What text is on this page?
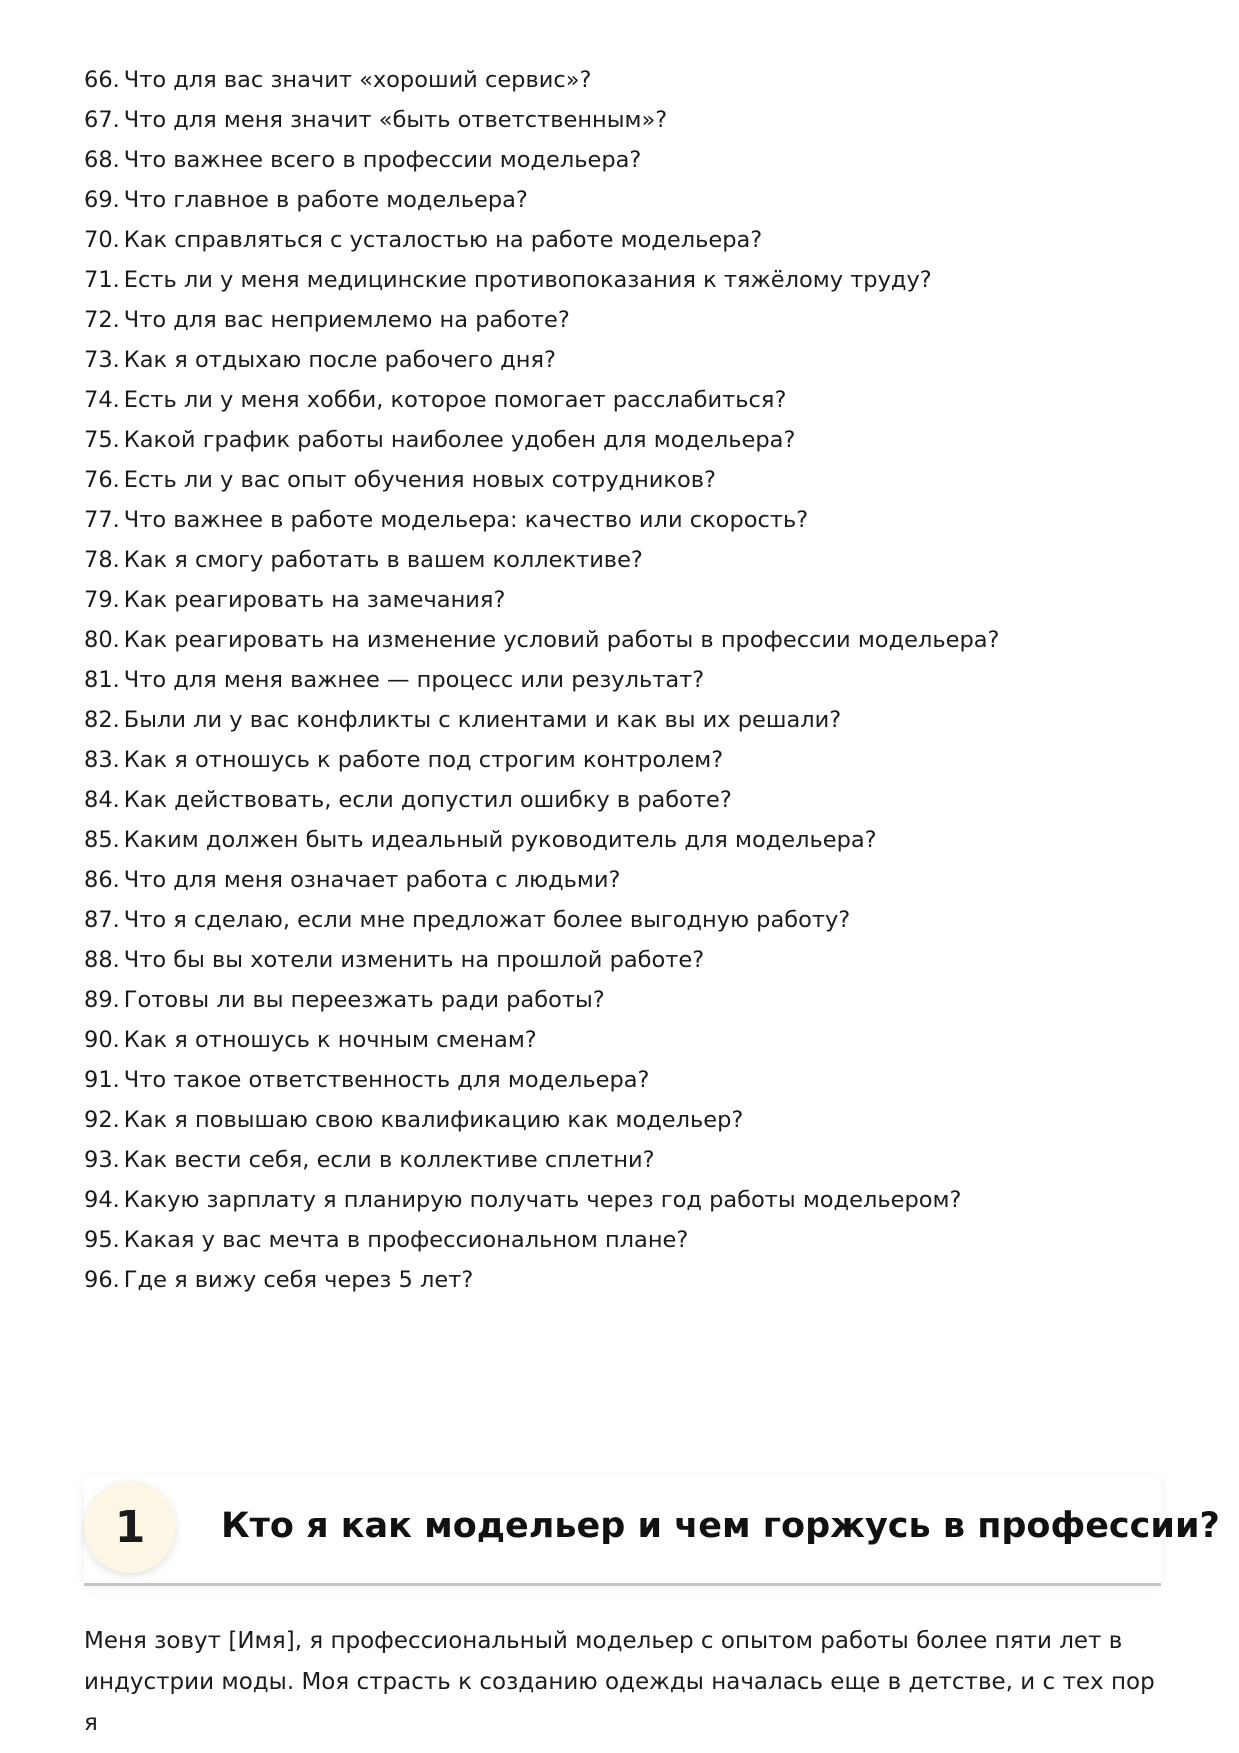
66. Что для вас значит «хороший сервис»?
67. Что для меня значит «быть ответственным»?
68. Что важнее всего в профессии модельера?
69. Что главное в работе модельера?
70. Как справляться с усталостью на работе модельера?
71. Есть ли у меня медицинские противопоказания к тяжёлому труду?
72. Что для вас неприемлемо на работе?
73. Как я отдыхаю после рабочего дня?
74. Есть ли у меня хобби, которое помогает расслабиться?
75. Какой график работы наиболее удобен для модельера?
76. Есть ли у вас опыт обучения новых сотрудников?
77. Что важнее в работе модельера: качество или скорость?
78. Как я смогу работать в вашем коллективе?
79. Как реагировать на замечания?
80. Как реагировать на изменение условий работы в профессии модельера?
81. Что для меня важнее — процесс или результат?
82. Были ли у вас конфликты с клиентами и как вы их решали?
83. Как я отношусь к работе под строгим контролем?
84. Как действовать, если допустил ошибку в работе?
85. Каким должен быть идеальный руководитель для модельера?
86. Что для меня означает работа с людьми?
87. Что я сделаю, если мне предложат более выгодную работу?
88. Что бы вы хотели изменить на прошлой работе?
89. Готовы ли вы переезжать ради работы?
90. Как я отношусь к ночным сменам?
91. Что такое ответственность для модельера?
92. Как я повышаю свою квалификацию как модельер?
93. Как вести себя, если в коллективе сплетни?
94. Какую зарплату я планирую получать через год работы модельером?
95. Какая у вас мечта в профессиональном плане?
96. Где я вижу себя через 5 лет?
1	Кто я как модельер и чем горжусь в профессии?

Меня зовут [Имя], я профессиональный модельер с опытом работы более пяти лет в индустрии моды. Моя страсть к созданию одежды началась еще в детстве, и с тех пор я
